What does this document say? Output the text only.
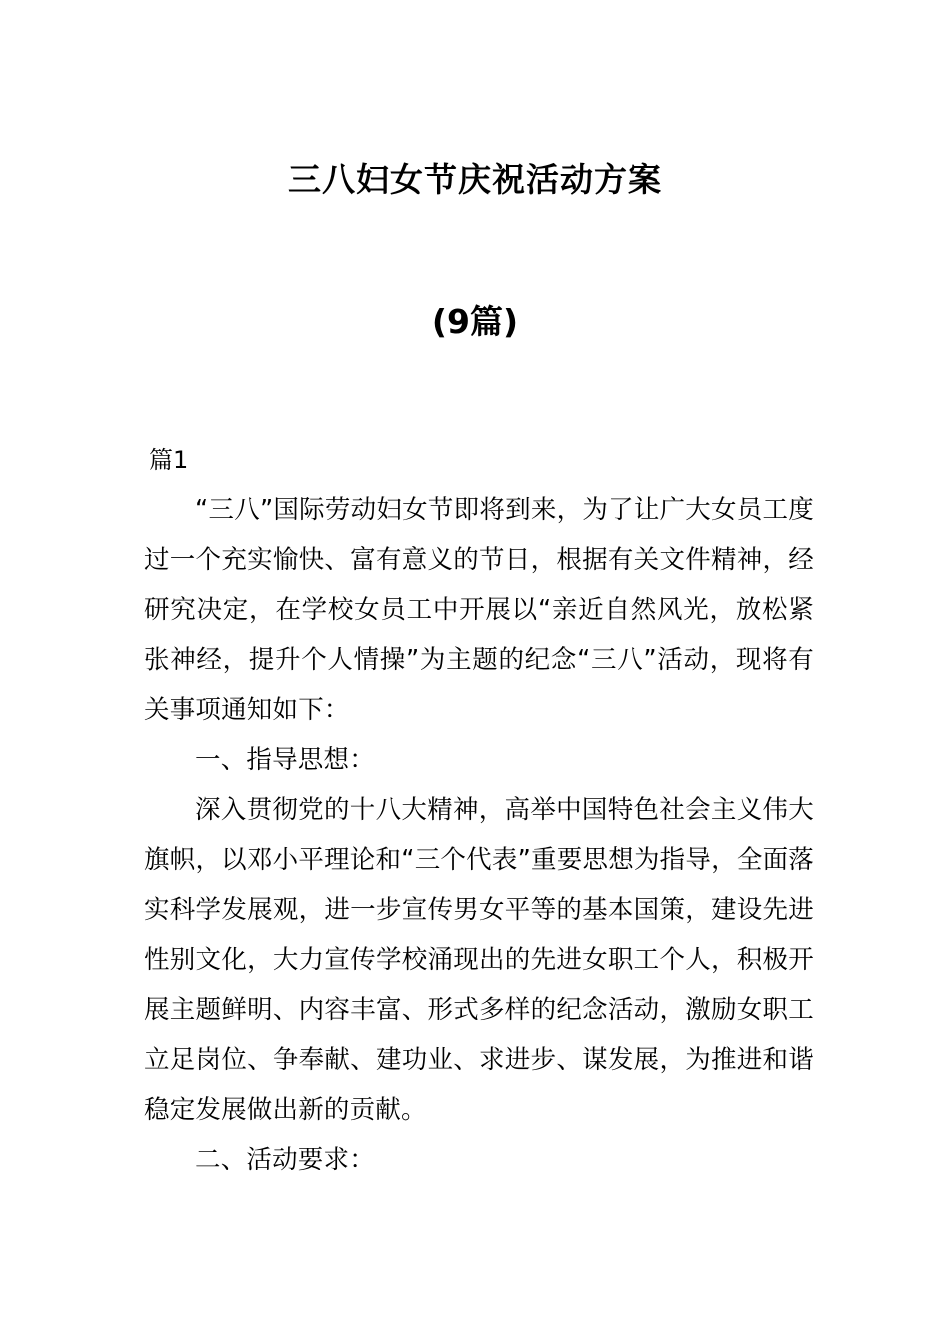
三八妇女节庆祝活动方案
(9篇)
篇1

“三八”国际劳动妇女节即将到来，为了让广大女员工度过一个充实愉快、富有意义的节日，根据有关文件精神，经研究决定，在学校女员工中开展以“亲近自然风光，放松紧张神经，提升个人情操”为主题的纪念“三八”活动，现将有关事项通知如下：

一、指导思想：

深入贯彻党的十八大精神，高举中国特色社会主义伟大旗帜，以邓小平理论和“三个代表”重要思想为指导，全面落实科学发展观，进一步宣传男女平等的基本国策，建设先进性别文化，大力宣传学校涌现出的先进女职工个人，积极开展主题鲜明、内容丰富、形式多样的纪念活动，激励女职工立足岗位、争奉献、建功业、求进步、谋发展，为推进和谐稳定发展做出新的贡献。

二、活动要求：
